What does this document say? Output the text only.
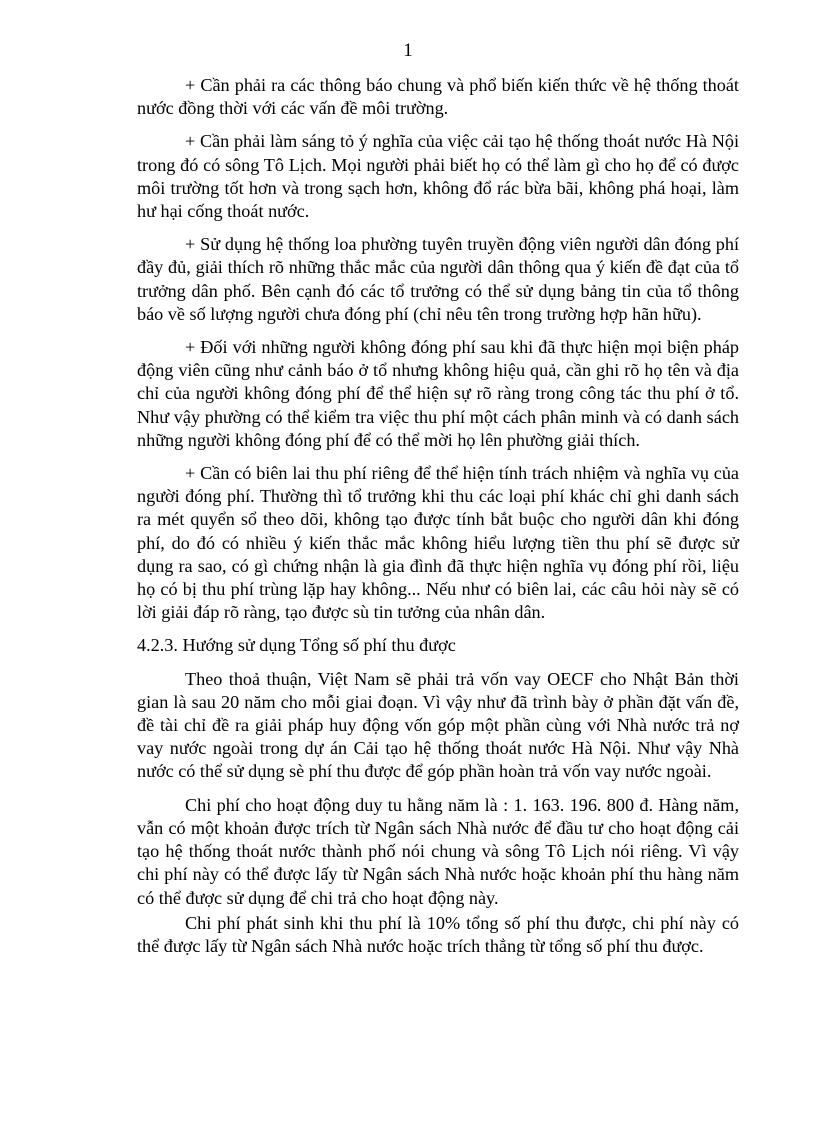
1

+ Cần phải ra các thông báo chung và phổ biến kiến thức về hệ thống thoát nước đồng thời với các vấn đề môi trường.

+ Cần phải làm sáng tỏ ý nghĩa của việc cải tạo hệ thống thoát nước Hà Nội trong đó có sông Tô Lịch. Mọi người phải biết họ có thể làm gì cho họ để có được môi trường tốt hơn và trong sạch hơn, không đổ rác bừa bãi, không phá hoại, làm hư hại cống thoát nước.

+ Sử dụng hệ thống loa phường tuyên truyền động viên người dân đóng phí đầy đủ, giải thích rõ những thắc mắc của người dân thông qua ý kiến đề đạt của tổ trưởng dân phố. Bên cạnh đó các tổ trưởng có thể sử dụng bảng tin của tổ thông báo về số lượng người chưa đóng phí (chỉ nêu tên trong trường hợp hãn hữu).

+ Đối với những người không đóng phí sau khi đã thực hiện mọi biện pháp động viên cũng như cảnh báo ở tổ nhưng không hiệu quả, cần ghi rõ họ tên và địa chỉ của người không đóng phí để thể hiện sự rõ ràng trong công tác thu phí ở tổ. Như vậy phường có thể kiểm tra việc thu phí một cách phân minh và có danh sách những người không đóng phí để có thể mời họ lên phường giải thích.

+ Cần có biên lai thu phí riêng để thể hiện tính trách nhiệm và nghĩa vụ của người đóng phí. Thường thì tổ trưởng khi thu các loại phí khác chỉ ghi danh sách ra mét quyển sổ theo dõi, không tạo được tính bắt buộc cho người dân khi đóng phí, do đó có nhiều ý kiến thắc mắc không hiểu lượng tiền thu phí sẽ được sử dụng ra sao, có gì chứng nhận là gia đình đã thực hiện nghĩa vụ đóng phí rồi, liệu họ có bị thu phí trùng lặp hay không... Nếu như có biên lai, các câu hỏi này sẽ có lời giải đáp rõ ràng, tạo được sù tin tưởng của nhân dân.

4.2.3. Hướng sử dụng Tổng số phí thu được

Theo thoả thuận, Việt Nam sẽ phải trả vốn vay OECF cho Nhật Bản thời gian là sau 20 năm cho mỗi giai đoạn. Vì vậy như đã trình bày ở phần đặt vấn đề, đề tài chỉ đề ra giải pháp huy động vốn góp một phần cùng với Nhà nước trả nợ vay nước ngoài trong dự án Cải tạo hệ thống thoát nước Hà Nội. Như vậy Nhà nước có thể sử dụng sè phí thu được để góp phần hoàn trả vốn vay nước ngoài.

Chi phí cho hoạt động duy tu hằng năm là : 1. 163. 196. 800 đ. Hàng năm, vẫn có một khoản được trích từ Ngân sách Nhà nước để đầu tư cho hoạt động cải tạo hệ thống thoát nước thành phố nói chung và sông Tô Lịch nói riêng. Vì vậy chi phí này có thể được lấy từ Ngân sách Nhà nước hoặc khoản phí thu hàng năm có thể được sử dụng để chi trả cho hoạt động này.

Chi phí phát sinh khi thu phí là 10% tổng số phí thu được, chi phí này có thể được lấy từ Ngân sách Nhà nước hoặc trích thẳng từ tổng số phí thu được.
